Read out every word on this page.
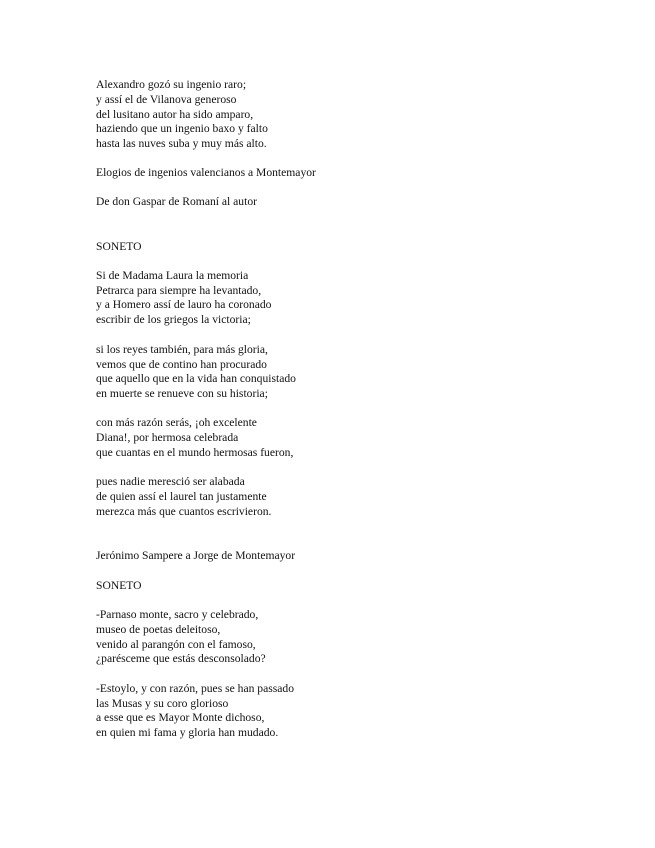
Alexandro gozó su ingenio raro;
y assí el de Vilanova generoso
del lusitano autor ha sido amparo,
haziendo que un ingenio baxo y falto
hasta las nuves suba y muy más alto.
Elogios de ingenios valencianos a Montemayor
De don Gaspar de Romaní al autor
SONETO
Si de Madama Laura la memoria
Petrarca para siempre ha levantado,
y a Homero assí de lauro ha coronado
escribir de los griegos la victoria;
si los reyes también, para más gloria,
vemos que de contino han procurado
que aquello que en la vida han conquistado
en muerte se renueve con su historia;
con más razón serás, ¡oh excelente
Diana!, por hermosa celebrada
que cuantas en el mundo hermosas fueron,
pues nadie meresció ser alabada
de quien assí el laurel tan justamente
merezca más que cuantos escrivieron.
Jerónimo Sampere a Jorge de Montemayor
SONETO
-Parnaso monte, sacro y celebrado,
museo de poetas deleitoso,
venido al parangón con el famoso,
¿parésceme que estás desconsolado?
-Estoylo, y con razón, pues se han passado
las Musas y su coro glorioso
a esse que es Mayor Monte dichoso,
en quien mi fama y gloria han mudado.
